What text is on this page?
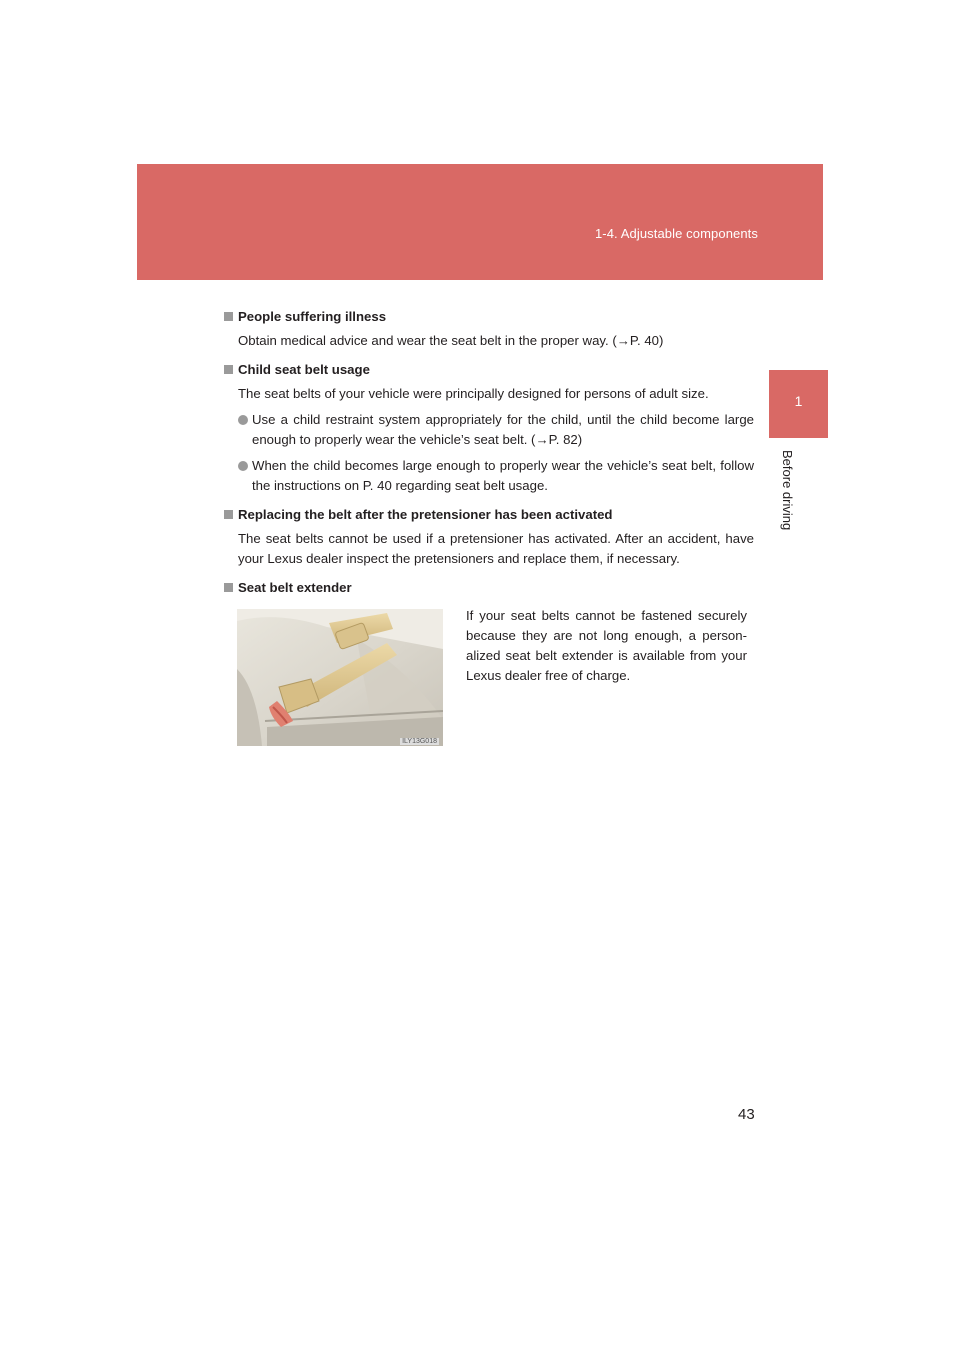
1-4. Adjustable components
1
Before driving
People suffering illness
Obtain medical advice and wear the seat belt in the proper way. (→P. 40)
Child seat belt usage
The seat belts of your vehicle were principally designed for persons of adult size.
Use a child restraint system appropriately for the child, until the child become large enough to properly wear the vehicle’s seat belt. (→P. 82)
When the child becomes large enough to properly wear the vehicle’s seat belt, follow the instructions on P. 40 regarding seat belt usage.
Replacing the belt after the pretensioner has been activated
The seat belts cannot be used if a pretensioner has activated. After an accident, have your Lexus dealer inspect the pretensioners and replace them, if necessary.
Seat belt extender
ILY13G018
If your seat belts cannot be fastened securely because they are not long enough, a person-alized seat belt extender is available from your Lexus dealer free of charge.
43
